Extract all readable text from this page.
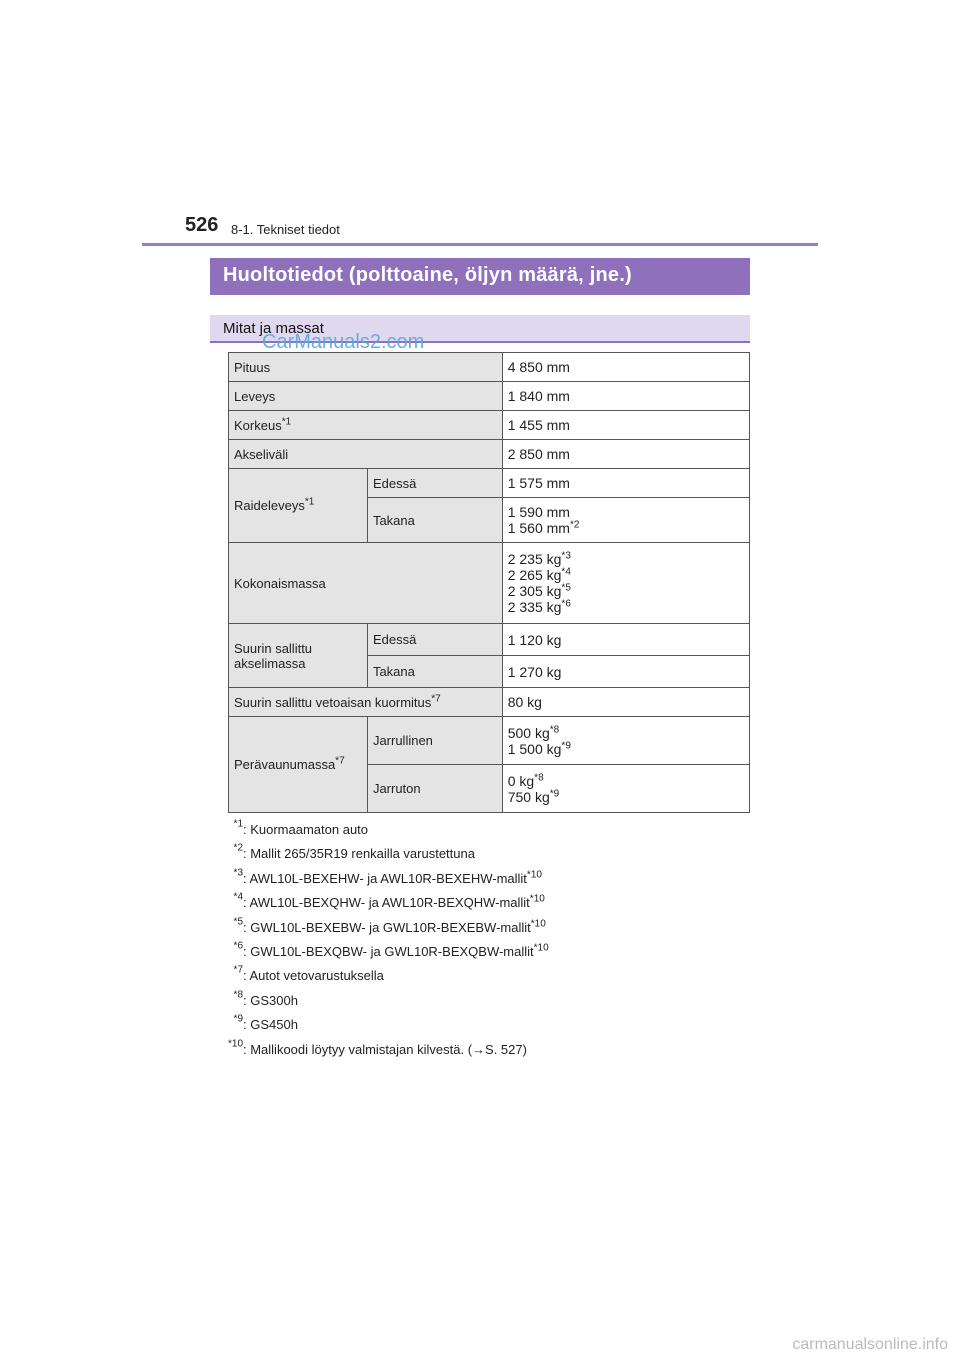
526 8-1. Tekniset tiedot
Huoltotiedot (polttoaine, öljyn määrä, jne.)
Mitat ja massat
CarManuals2.com
Pituus		4 850 mm
Leveys		1 840 mm
Korkeus$^{*1}$		1 455 mm
Akseliväli		2 850 mm
Raideleveys$^{*1}$	Edessä	1 575 mm
	Takana	1 590 mm
1 560 $mm^{*2}$

Kokonaismassa		2 235 $kg^{*3}$
2 265 $kg^{*4}$
2 305 $kg^{*5}$
2 335 $kg^{*6}$

Suurin sallittu
akselimassa	Edessä	1 120 kg
	Takana	1 270 kg
Suurin sallittu vetoaisan kuormitus$^{*7}$		80 kg
Perävaunumassa$^{*7}$	Jarrullinen	500 $kg^{*8}$
1 500 $kg^{*9}$

	Jarruton	0 $kg^{*8}$
750 $kg^{*9}$
$^{*1}$ : Kuormaamaton auto
$^{*2}$ : Mallit 265/35R19 renkailla varustettuna
$^{*3}$ : AWL10L-BEXEHW- ja AWL10R-BEXEHW-mallit$^{*10}$
$^{*4}$ : AWL10L-BEXQHW- ja AWL10R-BEXQHW-mallit$^{*10}$
$^{*5}$ : GWL10L-BEXEBW- ja GWL10R-BEXEBW-mallit$^{*10}$
$^{*6}$ : GWL10L-BEXQBW- ja GWL10R-BEXQBW-mallit$^{*10}$
$^{*7}$ : Autot vetovarustuksella
$^{*8}$ : GS300h
$^{*9}$ : GS450h
$^{*10}$ : Mallikoodi löytyy valmistajan kilvestä. (→S. 527)
carmanualsonline.info
